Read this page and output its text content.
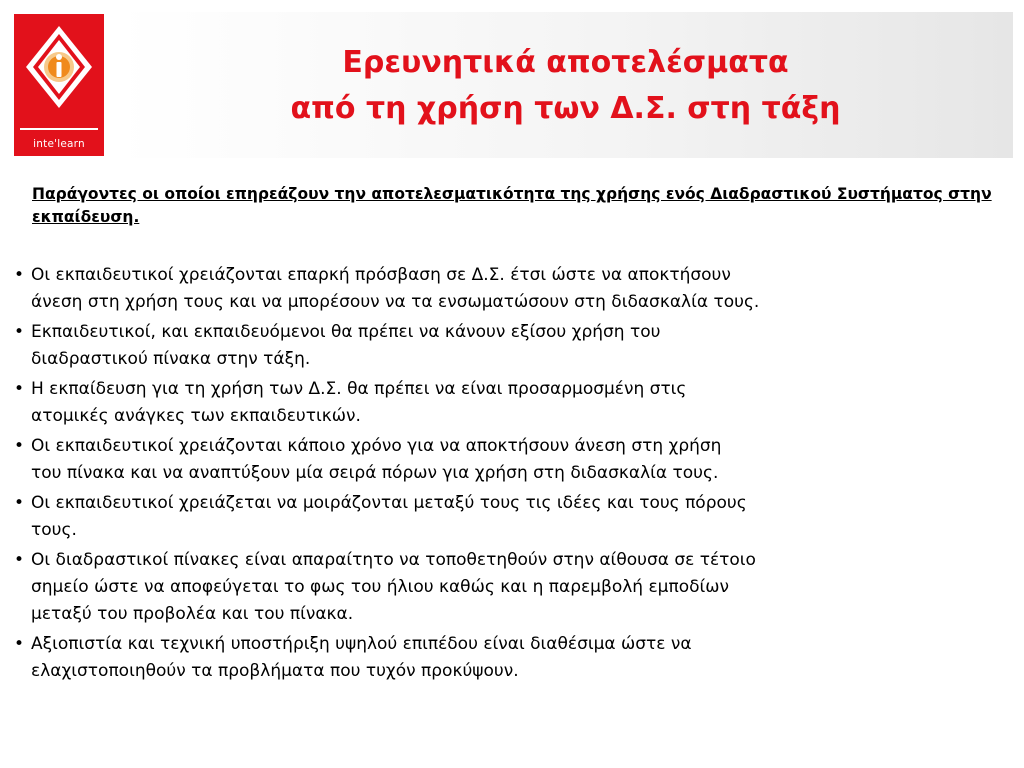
inte'learn
Ερευνητικά αποτελέσματα
από τη χρήση των Δ.Σ. στη τάξη
Παράγοντες οι οποίοι επηρεάζουν την αποτελεσματικότητα της χρήσης ενός Διαδραστικού Συστήματος στην εκπαίδευση.
• Οι εκπαιδευτικοί χρειάζονται επαρκή πρόσβαση σε Δ.Σ. έτσι ώστε να αποκτήσουν
άνεση στη χρήση τους και να μπορέσουν να τα ενσωματώσουν στη διδασκαλία τους.
• Εκπαιδευτικοί, και εκπαιδευόμενοι θα πρέπει να κάνουν εξίσου χρήση του
διαδραστικού πίνακα στην τάξη.
• Η εκπαίδευση για τη χρήση των Δ.Σ. θα πρέπει να είναι προσαρμοσμένη στις
ατομικές ανάγκες των εκπαιδευτικών.
• Οι εκπαιδευτικοί χρειάζονται κάποιο χρόνο για να αποκτήσουν άνεση στη χρήση
του πίνακα και να αναπτύξουν μία σειρά πόρων για χρήση στη διδασκαλία τους.
• Οι εκπαιδευτικοί χρειάζεται να μοιράζονται μεταξύ τους τις ιδέες και τους πόρους
τους.
• Οι διαδραστικοί πίνακες είναι απαραίτητο να τοποθετηθούν στην αίθουσα σε τέτοιο
σημείο ώστε να αποφεύγεται το φως του ήλιου καθώς και η παρεμβολή εμποδίων
μεταξύ του προβολέα και του πίνακα.
• Αξιοπιστία και τεχνική υποστήριξη υψηλού επιπέδου είναι διαθέσιμα ώστε να
ελαχιστοποιηθούν τα προβλήματα που τυχόν προκύψουν.
